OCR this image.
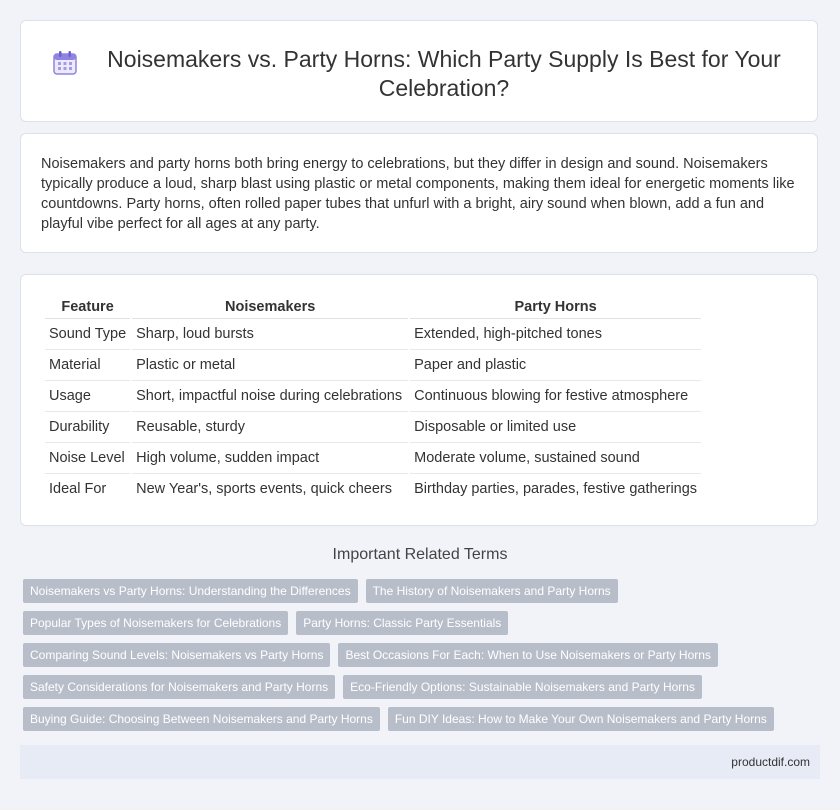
Noisemakers vs. Party Horns: Which Party Supply Is Best for Your Celebration?

Noisemakers and party horns both bring energy to celebrations, but they differ in design and sound. Noisemakers typically produce a loud, sharp blast using plastic or metal components, making them ideal for energetic moments like countdowns. Party horns, often rolled paper tubes that unfurl with a bright, airy sound when blown, add a fun and playful vibe perfect for all ages at any party.

Feature	Noisemakers	Party Horns
Sound Type	Sharp, loud bursts	Extended, high-pitched tones
Material	Plastic or metal	Paper and plastic
Usage	Short, impactful noise during celebrations	Continuous blowing for festive atmosphere
Durability	Reusable, sturdy	Disposable or limited use
Noise Level	High volume, sudden impact	Moderate volume, sustained sound
Ideal For	New Year's, sports events, quick cheers	Birthday parties, parades, festive gatherings
Important Related Terms
Noisemakers vs Party Horns: Understanding the Differences The History of Noisemakers and Party Horns
Popular Types of Noisemakers for Celebrations Party Horns: Classic Party Essentials
Comparing Sound Levels: Noisemakers vs Party Horns Best Occasions For Each: When to Use Noisemakers or Party Horns
Safety Considerations for Noisemakers and Party Horns Eco-Friendly Options: Sustainable Noisemakers and Party Horns
Buying Guide: Choosing Between Noisemakers and Party Horns Fun DIY Ideas: How to Make Your Own Noisemakers and Party Horns
productdif.com
